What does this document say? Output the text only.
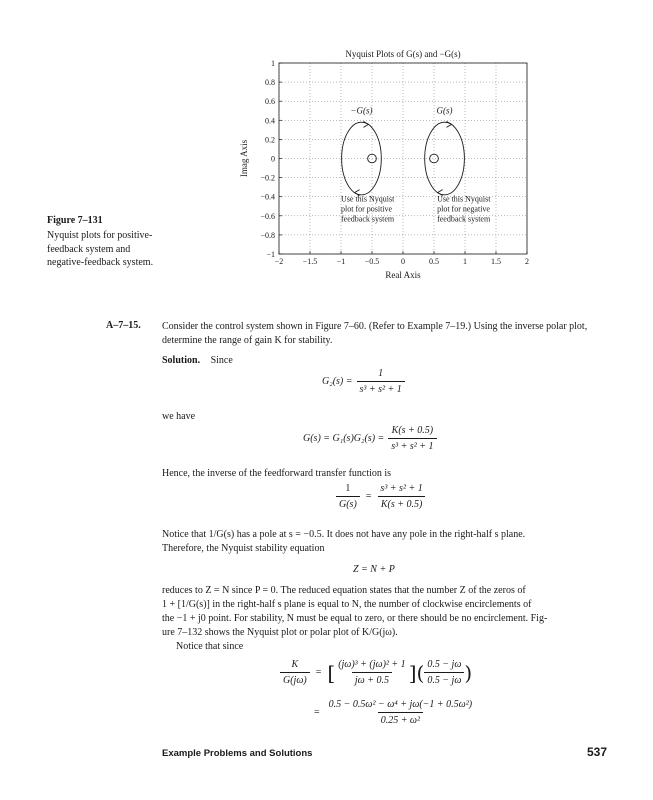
−2 −1.5 −1 −0.5	0	0.5	1	1.5	2
1
0.8
0.6
0.4
0.2
0
−0.2
−0.4
−0.6
−0.8
−1
Nyquist Plots of G(s) and −G(s)
Real Axis
Imag Axis
−G(s)	G(s)
Use this Nyquist
plot for positive
feedback system
Use this Nyquist
plot for negative
feedback system
Figure 7–131
Nyquist plots for positive-feedback system and negative-feedback system.
A–7–15. Consider the control system shown in Figure 7–60. (Refer to Example 7–19.) Using the inverse polar plot, determine the range of gain K for stability.
Solution. Since
$G_2(s) = \frac{1}{\text{s³ + s² + 1}}$
we have
$G(s) = G_1(s)G_2(s) = \frac{K(s + 0.5)}{\text{s³ + s² + 1}}$
Hence, the inverse of the feedforward transfer function is
$\frac{1}{G(s)} = \frac{\text{s³ + s² + 1}}{K(s + 0.5)}$
Notice that 1/G(s) has a pole at s = −0.5. It does not have any pole in the right-half s plane.
Therefore, the Nyquist stability equation
Z = N + P
reduces to Z = N since P = 0. The reduced equation states that the number Z of the zeros of
1 + [1/G(s)] in the right-half s plane is equal to N, the number of clockwise encirclements of
the −1 + j0 point. For stability, N must be equal to zero, or there should be no encirclement. Fig-
ure 7–132 shows the Nyquist plot or polar plot of K/G(jω).
Notice that since
$\frac{K}{G(j\omega)}$ = [ $\frac{\text{(jω)³ + (jω)² + 1}}{j\omega + 0.5}$ ] ( $\frac{0.5 - j\omega}{0.5 - j\omega}$ )
= $\frac{\text{0.5 − 0.5ω² − ω⁴ + jω(−1 + 0.5ω²)}}{\text{0.25 + ω²}}$
Example Problems and Solutions	537
